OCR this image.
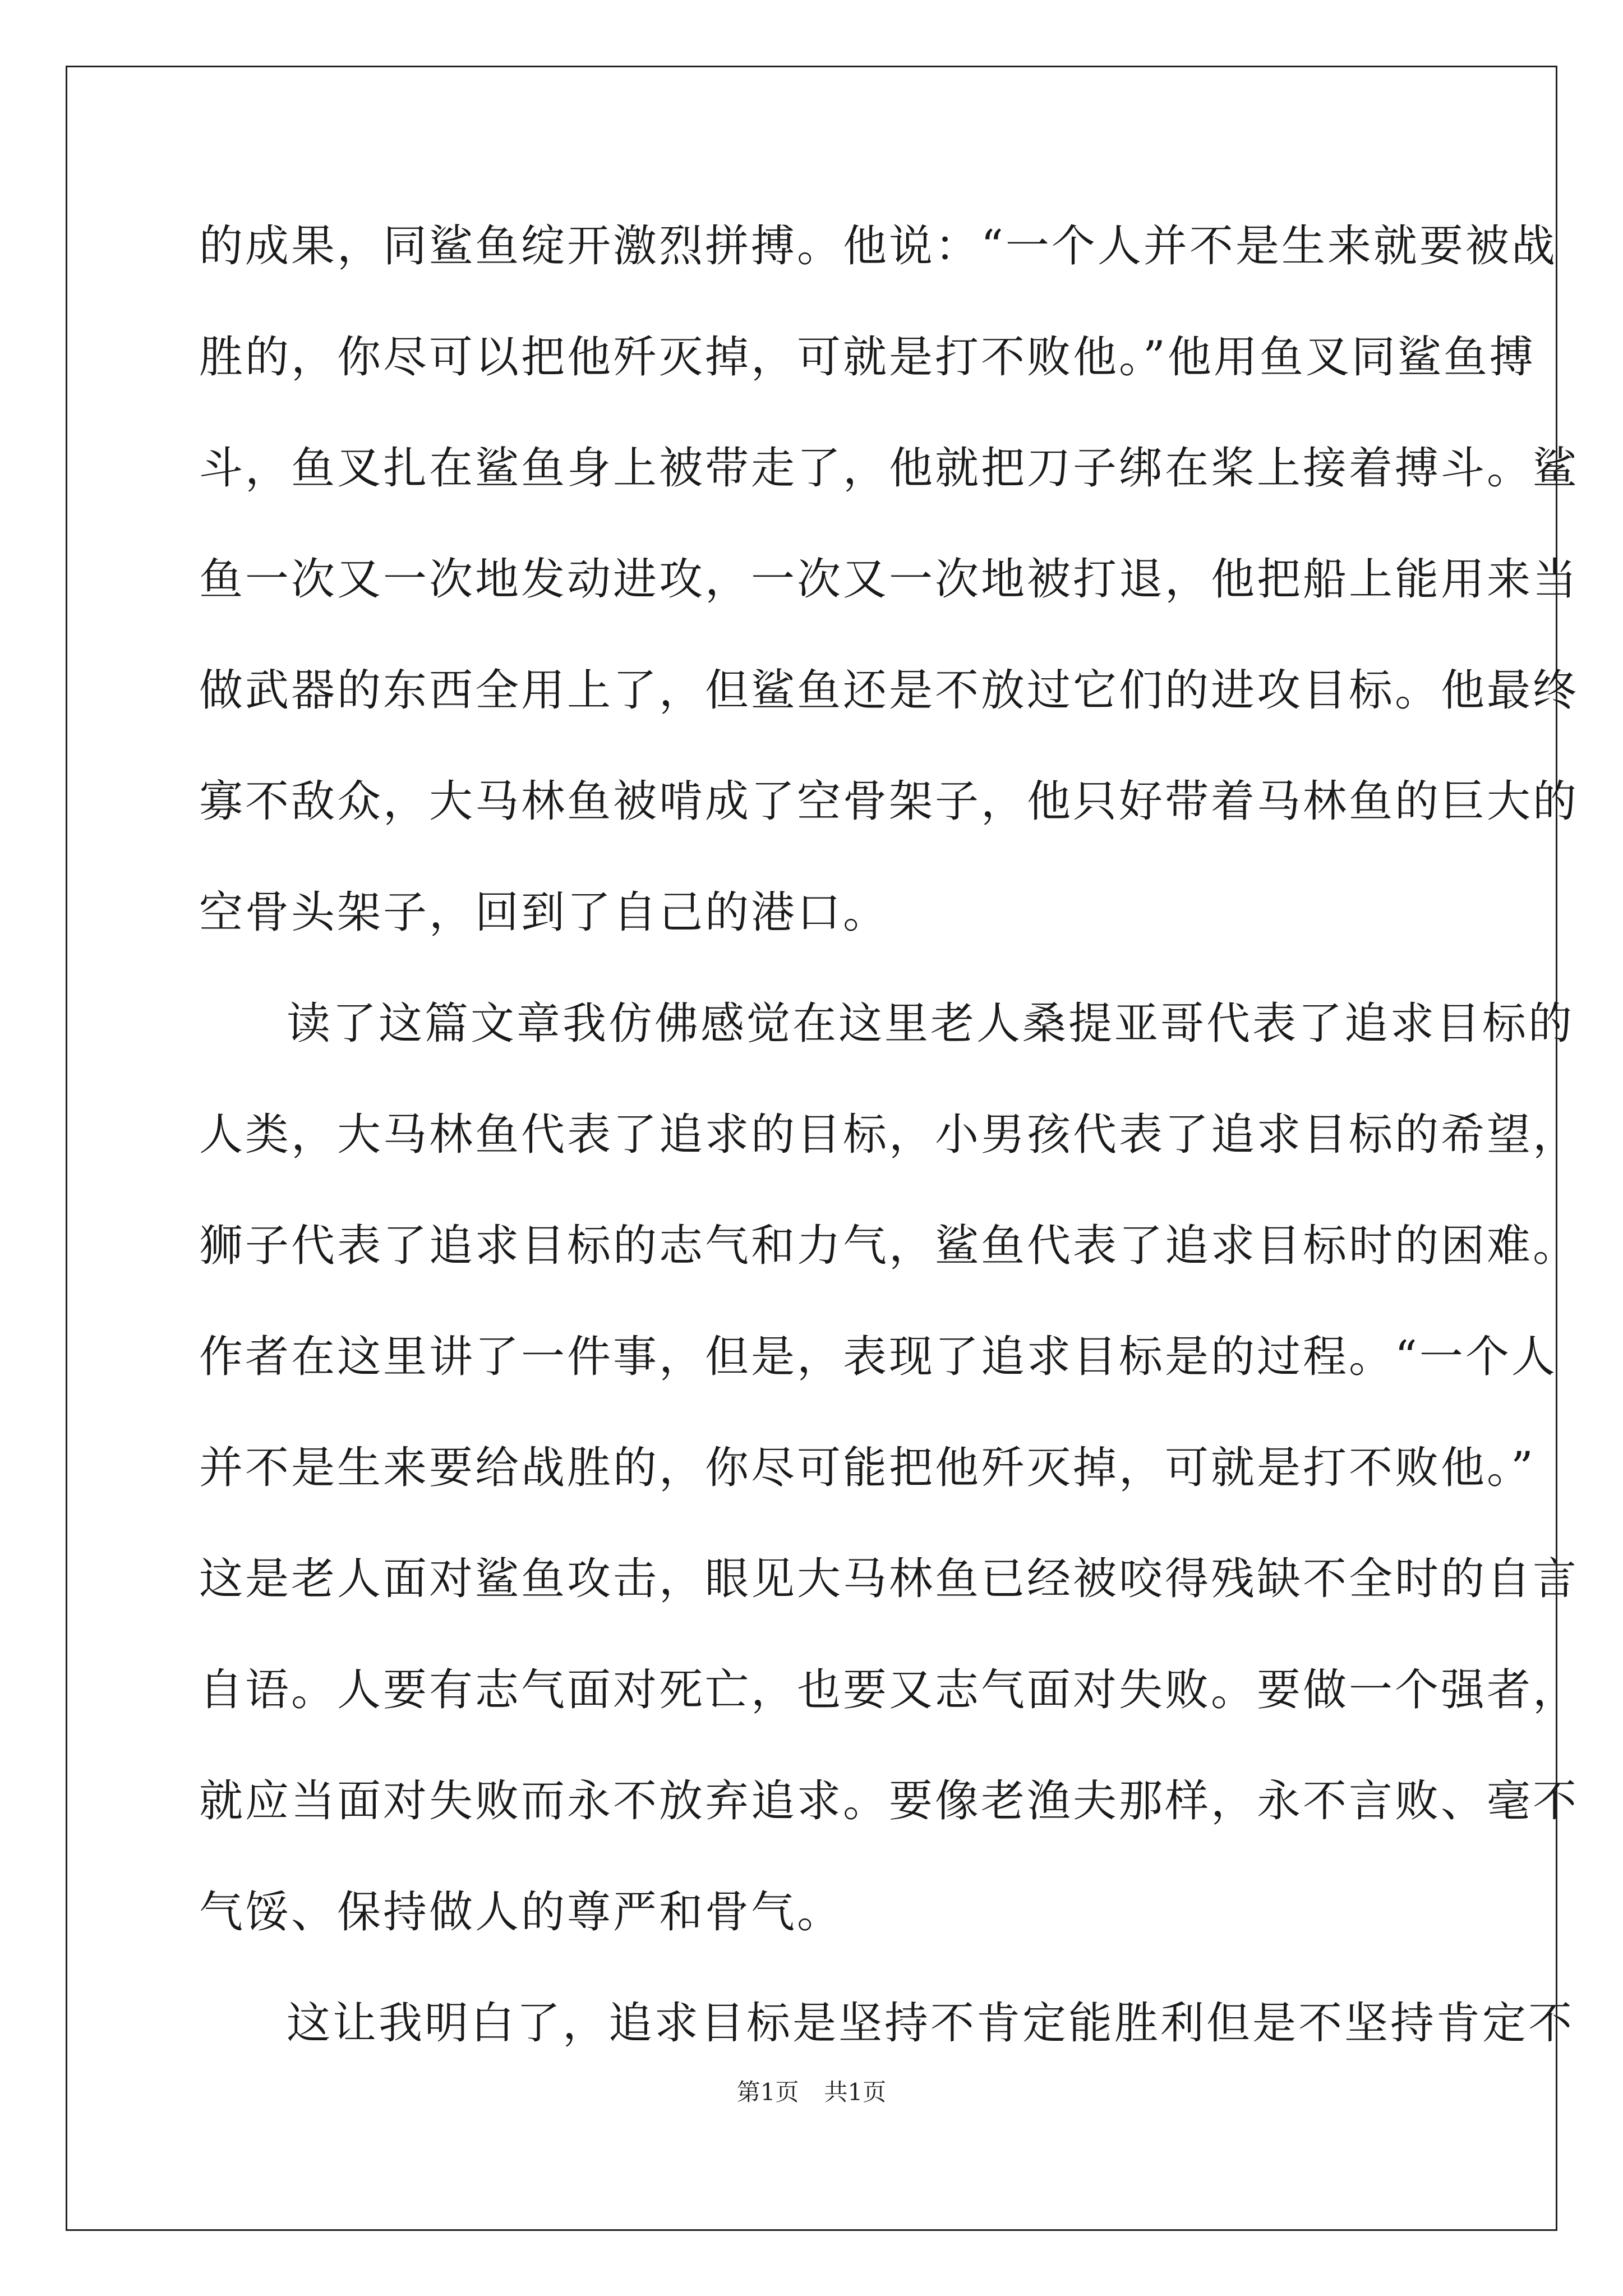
的成果，同鲨鱼绽开激烈拼搏。他说：“一个人并不是生来就要被战
胜的，你尽可以把他歼灭掉，可就是打不败他。”他用鱼叉同鲨鱼搏
斗，鱼叉扎在鲨鱼身上被带走了，他就把刀子绑在桨上接着搏斗。鲨
鱼一次又一次地发动进攻，一次又一次地被打退，他把船上能用来当
做武器的东西全用上了，但鲨鱼还是不放过它们的进攻目标。他最终
寡不敌众，大马林鱼被啃成了空骨架子，他只好带着马林鱼的巨大的
空骨头架子，回到了自己的港口。
读了这篇文章我仿佛感觉在这里老人桑提亚哥代表了追求目标的
人类，大马林鱼代表了追求的目标，小男孩代表了追求目标的希望，
狮子代表了追求目标的志气和力气，鲨鱼代表了追求目标时的困难。
作者在这里讲了一件事，但是，表现了追求目标是的过程。“一个人
并不是生来要给战胜的，你尽可能把他歼灭掉，可就是打不败他。”
这是老人面对鲨鱼攻击，眼见大马林鱼已经被咬得残缺不全时的自言
自语。人要有志气面对死亡，也要又志气面对失败。要做一个强者，
就应当面对失败而永不放弃追求。要像老渔夫那样，永不言败、毫不
气馁、保持做人的尊严和骨气。
这让我明白了，追求目标是坚持不肯定能胜利但是不坚持肯定不
第1页 共1页
